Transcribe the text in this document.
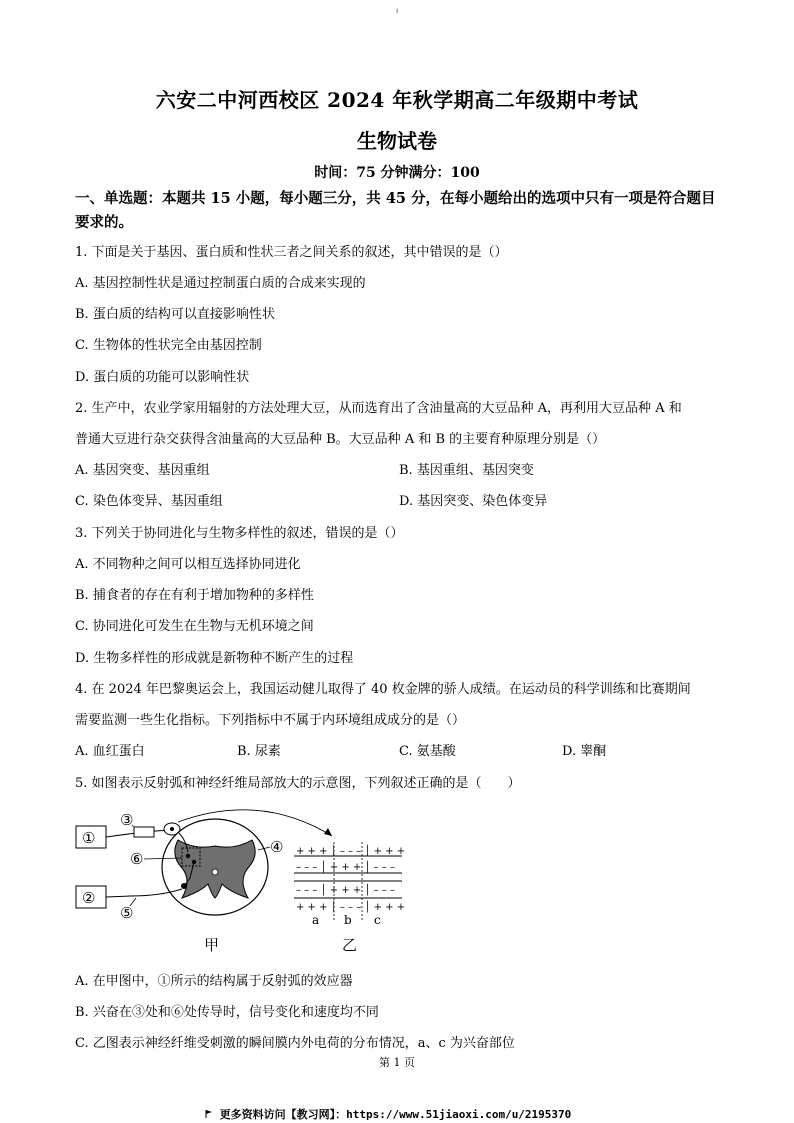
ı
六安二中河西校区 2024 年秋学期高二年级期中考试
生物试卷
时间：75 分钟满分：100
一、单选题：本题共 15 小题，每小题三分，共 45 分，在每小题给出的选项中只有一项是符合题目要求的。
1. 下面是关于基因、蛋白质和性状三者之间关系的叙述，其中错误的是（）
A. 基因控制性状是通过控制蛋白质的合成来实现的
B. 蛋白质的结构可以直接影响性状
C. 生物体的性状完全由基因控制
D. 蛋白质的功能可以影响性状
2. 生产中，农业学家用辐射的方法处理大豆，从而选育出了含油量高的大豆品种 A，再利用大豆品种 A 和
普通大豆进行杂交获得含油量高的大豆品种 B。大豆品种 A 和 B 的主要育种原理分别是（）
A. 基因突变、基因重组	B. 基因重组、基因突变
C. 染色体变异、基因重组	D. 基因突变、染色体变异
3. 下列关于协同进化与生物多样性的叙述，错误的是（）
A. 不同物种之间可以相互选择协同进化
B. 捕食者的存在有利于增加物种的多样性
C. 协同进化可发生在生物与无机环境之间
D. 生物多样性的形成就是新物种不断产生的过程
4. 在 2024 年巴黎奥运会上，我国运动健儿取得了 40 枚金牌的骄人成绩。在运动员的科学训练和比赛期间
需要监测一些生化指标。下列指标中不属于内环境组成成分的是（）
A. 血红蛋白	B. 尿素	C. 氨基酸	D. 睾酮
5. 如图表示反射弧和神经纤维局部放大的示意图，下列叙述正确的是（　　）
①
②
③
⑥
⑤
④ + + + │ – – – │ + + +
– – – │ + + + │ – – –
– – – │ + + + │ – – –
+ + + │ – – – │ + + +
a b c
甲	乙
A. 在甲图中，①所示的结构属于反射弧的效应器
B. 兴奋在③处和⑥处传导时，信号变化和速度均不同
C. 乙图表示神经纤维受刺激的瞬间膜内外电荷的分布情况，a、c 为兴奋部位
第 1 页
更多资料访问【教习网】：https://www.51jiaoxi.com/u/2195370
